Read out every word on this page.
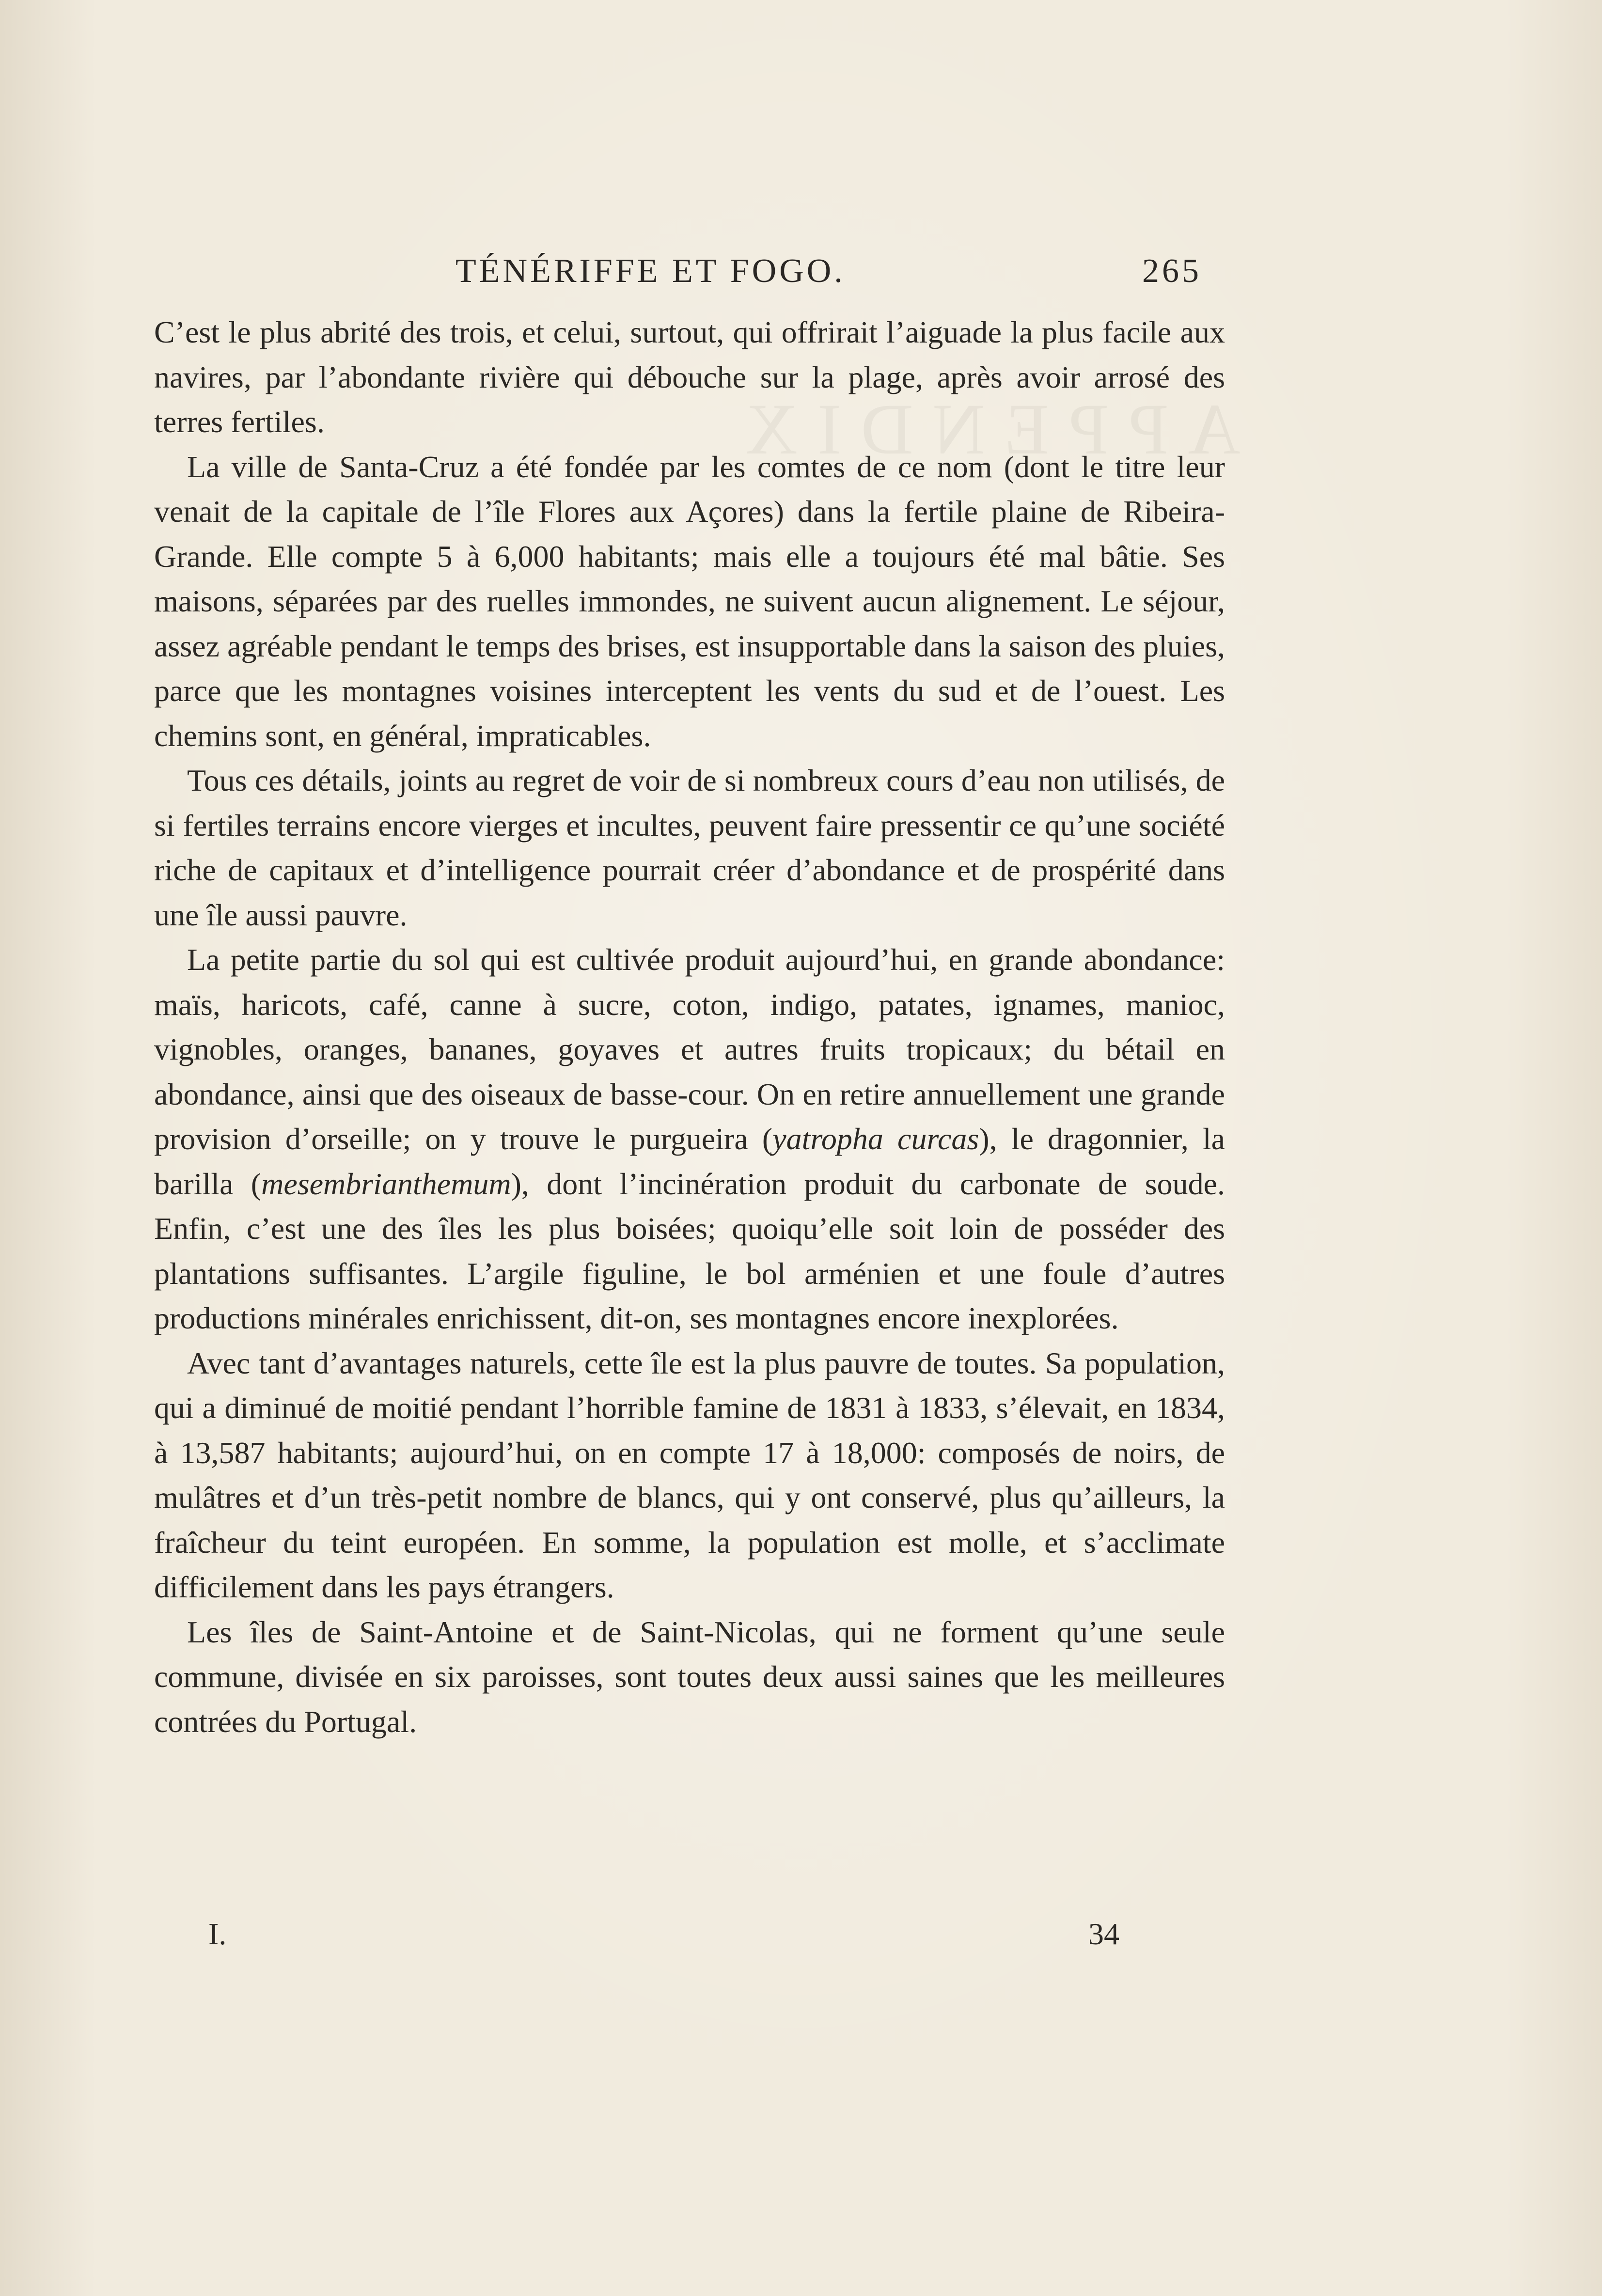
APPENDIX
TÉNÉRIFFE ET FOGO.	265

C’est le plus abrité des trois, et celui, surtout, qui offrirait l’aiguade la plus facile aux navires, par l’abondante rivière qui débouche sur la plage, après avoir arrosé des terres fertiles.

La ville de Santa-Cruz a été fondée par les comtes de ce nom (dont le titre leur venait de la capitale de l’île Flores aux Açores) dans la fertile plaine de Ribeira-Grande. Elle compte 5 à 6,000 habitants; mais elle a toujours été mal bâtie. Ses maisons, séparées par des ruelles immondes, ne suivent aucun alignement. Le séjour, assez agréable pendant le temps des brises, est insupportable dans la saison des pluies, parce que les montagnes voisines interceptent les vents du sud et de l’ouest. Les chemins sont, en général, impraticables.

Tous ces détails, joints au regret de voir de si nombreux cours d’eau non utilisés, de si fertiles terrains encore vierges et incultes, peuvent faire pressentir ce qu’une société riche de capitaux et d’intelligence pourrait créer d’abondance et de prospérité dans une île aussi pauvre.

La petite partie du sol qui est cultivée produit aujourd’hui, en grande abondance: maïs, haricots, café, canne à sucre, coton, indigo, patates, ignames, manioc, vignobles, oranges, bananes, goyaves et autres fruits tropicaux; du bétail en abondance, ainsi que des oiseaux de basse-cour. On en retire annuellement une grande provision d’orseille; on y trouve le purgueira (yatropha curcas), le dragonnier, la barilla (mesembrianthemum), dont l’incinération produit du carbonate de soude. Enfin, c’est une des îles les plus boisées; quoiqu’elle soit loin de posséder des plantations suffisantes. L’argile figuline, le bol arménien et une foule d’autres productions minérales enrichissent, dit-on, ses montagnes encore inexplorées.

Avec tant d’avantages naturels, cette île est la plus pauvre de toutes. Sa population, qui a diminué de moitié pendant l’horrible famine de 1831 à 1833, s’élevait, en 1834, à 13,587 habitants; aujourd’hui, on en compte 17 à 18,000: composés de noirs, de mulâtres et d’un très-petit nombre de blancs, qui y ont conservé, plus qu’ailleurs, la fraîcheur du teint européen. En somme, la population est molle, et s’acclimate difficilement dans les pays étrangers.

Les îles de Saint-Antoine et de Saint-Nicolas, qui ne forment qu’une seule commune, divisée en six paroisses, sont toutes deux aussi saines que les meilleures contrées du Portugal.

I.	34
